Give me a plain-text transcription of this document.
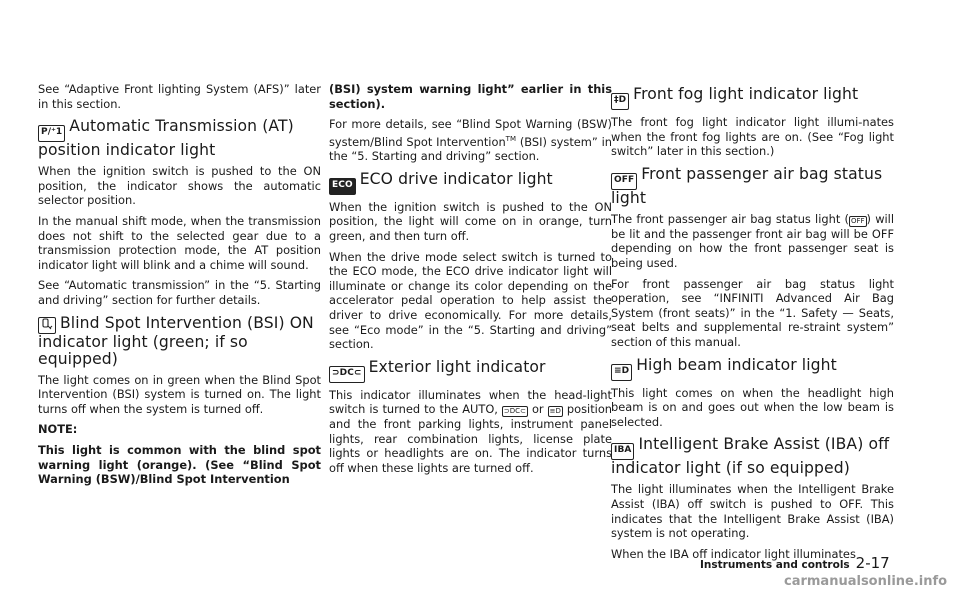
See “Adaptive Front lighting System (AFS)” later in this section.

P/⁺1 Automatic Transmission (AT) position indicator light

When the ignition switch is pushed to the ON position, the indicator shows the automatic selector position.

In the manual shift mode, when the transmission does not shift to the selected gear due to a transmission protection mode, the AT position indicator light will blink and a chime will sound.

See “Automatic transmission” in the “5. Starting and driving” section for further details.

Blind Spot Intervention (BSI) ON indicator light (green; if so equipped)

The light comes on in green when the Blind Spot Intervention (BSI) system is turned on. The light turns off when the system is turned off.

NOTE:

This light is common with the blind spot warning light (orange). (See “Blind Spot Warning (BSW)/Blind Spot Intervention

(BSI) system warning light” earlier in this section).

For more details, see “Blind Spot Warning (BSW) system/Blind Spot Intervention™ (BSI) system” in the “5. Starting and driving” section.

ECO ECO drive indicator light

When the ignition switch is pushed to the ON position, the light will come on in orange, turn green, and then turn off.

When the drive mode select switch is turned to the ECO mode, the ECO drive indicator light will illuminate or change its color depending on the accelerator pedal operation to help assist the driver to drive economically. For more details, see “Eco mode” in the “5. Starting and driving” section.

⊃DC⊂ Exterior light indicator

This indicator illuminates when the head-light switch is turned to the AUTO, ⊃DC⊂ or ≡D position and the front parking lights, instrument panel lights, rear combination lights, license plate lights or headlights are on. The indicator turns off when these lights are turned off.

‡D Front fog light indicator light

The front fog light indicator light illumi-nates when the front fog lights are on. (See “Fog light switch” later in this section.)

OFF Front passenger air bag status light

The front passenger air bag status light ( OFF ) will be lit and the passenger front air bag will be OFF depending on how the front passenger seat is being used.

For front passenger air bag status light operation, see “INFINITI Advanced Air Bag System (front seats)” in the “1. Safety — Seats, seat belts and supplemental re-straint system” section of this manual.

≡D High beam indicator light

This light comes on when the headlight high beam is on and goes out when the low beam is selected.

IBA Intelligent Brake Assist (IBA) off indicator light (if so equipped)

The light illuminates when the Intelligent Brake Assist (IBA) off switch is pushed to OFF. This indicates that the Intelligent Brake Assist (IBA) system is not operating.

When the IBA off indicator light illuminates

Instruments and controls 2-17
carmanualsonline.info
